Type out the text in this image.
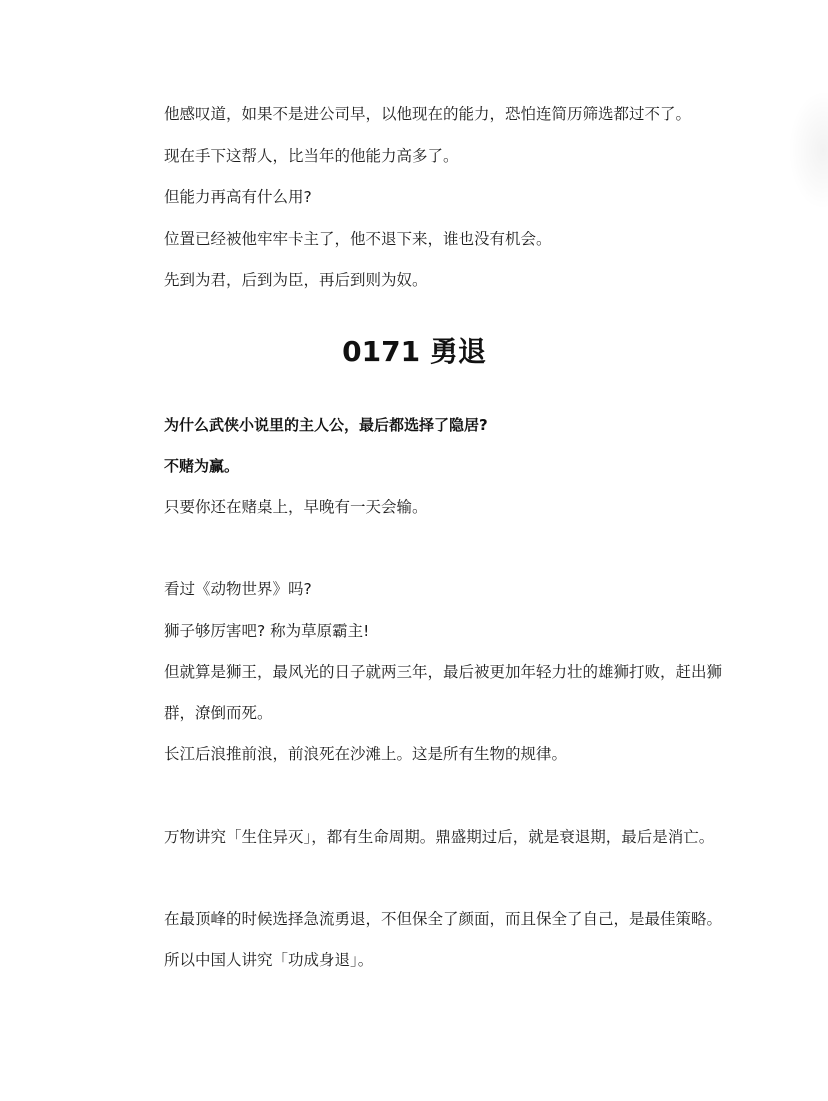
他感叹道，如果不是进公司早，以他现在的能力，恐怕连简历筛选都过不了。

现在手下这帮人，比当年的他能力高多了。

但能力再高有什么用?

位置已经被他牢牢卡主了，他不退下来，谁也没有机会。

先到为君，后到为臣，再后到则为奴。

0171 勇退

为什么武侠小说里的主人公，最后都选择了隐居?

不赌为赢。

只要你还在赌桌上，早晚有一天会输。

看过《动物世界》吗?

狮子够厉害吧? 称为草原霸主!

但就算是狮王，最风光的日子就两三年，最后被更加年轻力壮的雄狮打败，赶出狮

群，潦倒而死。

长江后浪推前浪，前浪死在沙滩上。这是所有生物的规律。

万物讲究「生住异灭」，都有生命周期。鼎盛期过后，就是衰退期，最后是消亡。

在最顶峰的时候选择急流勇退，不但保全了颜面，而且保全了自己，是最佳策略。

所以中国人讲究「功成身退」。
